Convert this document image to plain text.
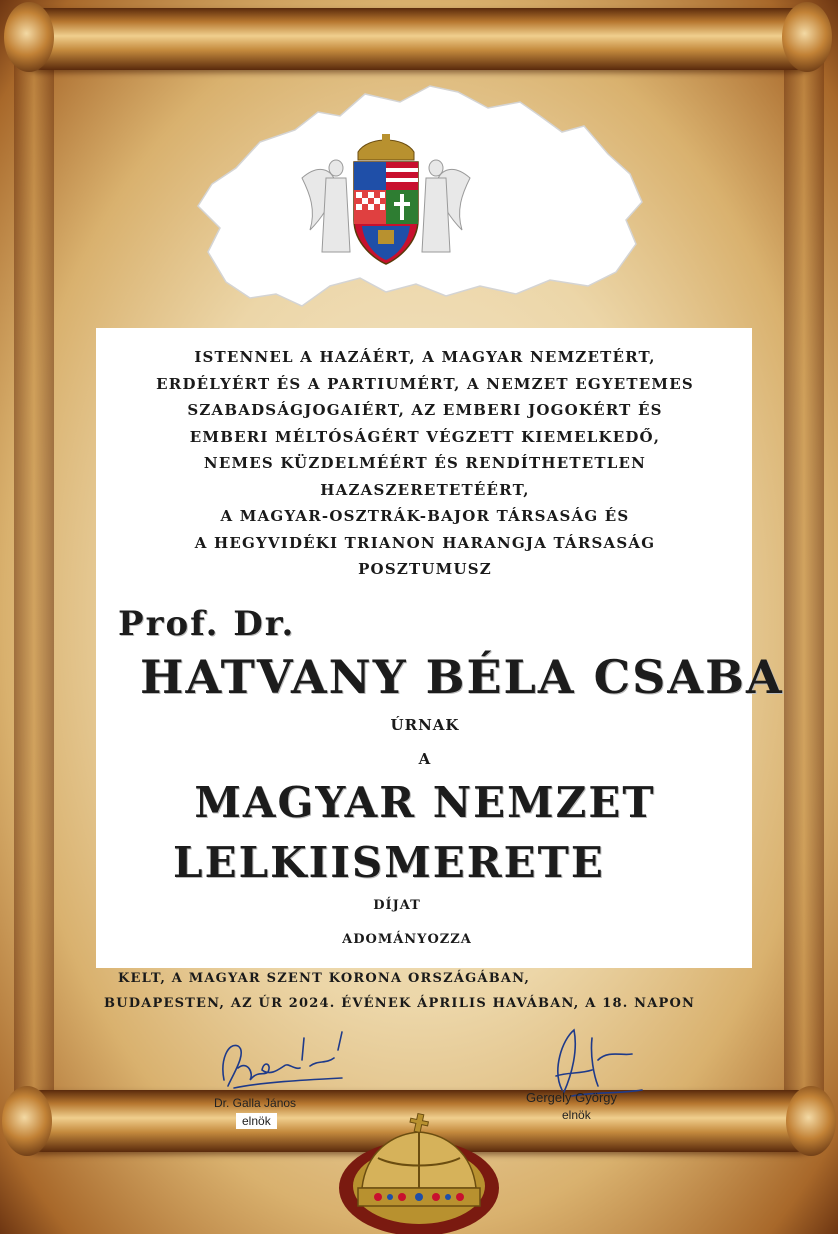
ISTENNEL A HAZÁÉRT, A MAGYAR NEMZETÉRT,
ERDÉLYÉRT ÉS A PARTIUMÉRT, A NEMZET EGYETEMES
SZABADSÁGJOGAIÉRT, AZ EMBERI JOGOKÉRT ÉS
EMBERI MÉLTÓSÁGÉRT VÉGZETT KIEMELKEDŐ,
NEMES KÜZDELMÉÉRT ÉS RENDÍTHETETLEN
HAZASZERETETÉÉRT,
A MAGYAR-OSZTRÁK-BAJOR TÁRSASÁG ÉS
A HEGYVIDÉKI TRIANON HARANGJA TÁRSASÁG
POSZTUMUSZ
Prof. Dr.
HATVANY BÉLA CSABA
ÚRNAK
A
MAGYAR NEMZET
LELKIISMERETE
DÍJAT
ADOMÁNYOZZA
KELT, A MAGYAR SZENT KORONA ORSZÁGÁBAN,
BUDAPESTEN, AZ ÚR 2024. ÉVÉNEK ÁPRILIS HAVÁBAN, A 18. NAPON
Dr. Galla János
elnök
Gergely György
elnök
